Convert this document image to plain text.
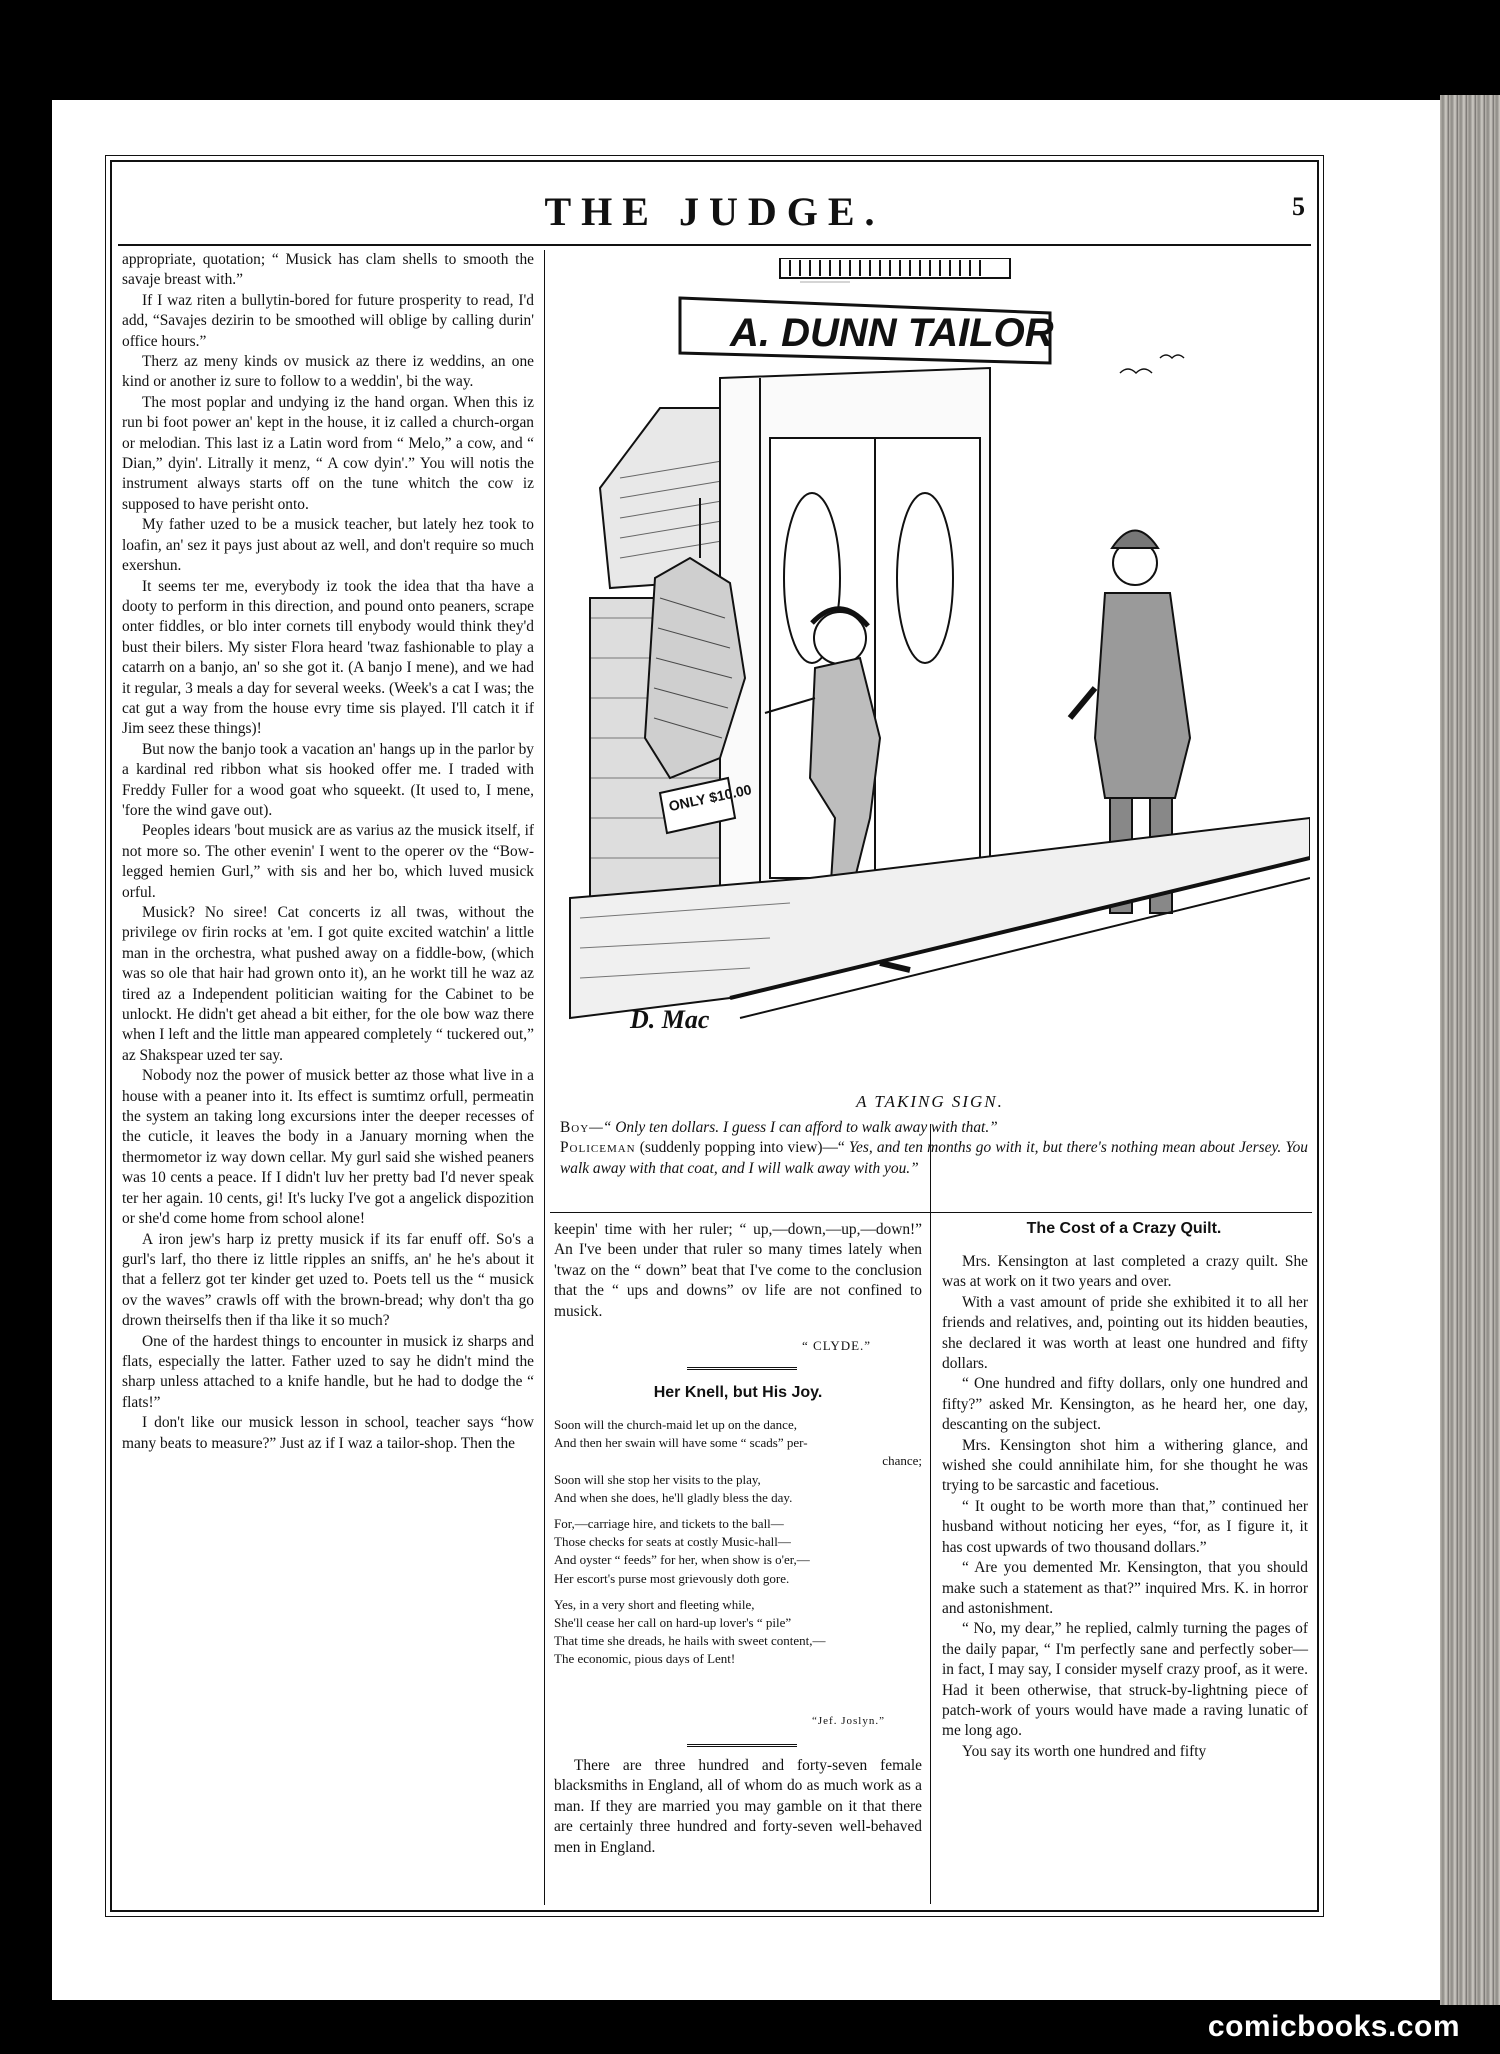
THE JUDGE.	5

appropriate, quotation; “ Musick has clam shells to smooth the savaje breast with.”

If I waz riten a bullytin-bored for future prosperity to read, I'd add, “Savajes dezirin to be smoothed will oblige by calling durin' office hours.”

Therz az meny kinds ov musick az there iz weddins, an one kind or another iz sure to follow to a weddin', bi the way.

The most poplar and undying iz the hand organ. When this iz run bi foot power an' kept in the house, it iz called a church-organ or melodian. This last iz a Latin word from “ Melo,” a cow, and “ Dian,” dyin'. Litrally it menz, “ A cow dyin'.” You will notis the instrument always starts off on the tune whitch the cow iz supposed to have perisht onto.

My father uzed to be a musick teacher, but lately hez took to loafin, an' sez it pays just about az well, and don't require so much exershun.

It seems ter me, everybody iz took the idea that tha have a dooty to perform in this direction, and pound onto peaners, scrape onter fiddles, or blo inter cornets till enybody would think they'd bust their bilers. My sister Flora heard 'twaz fashionable to play a catarrh on a banjo, an' so she got it. (A banjo I mene), and we had it regular, 3 meals a day for several weeks. (Week's a cat I was; the cat gut a way from the house evry time sis played. I'll catch it if Jim seez these things)!

But now the banjo took a vacation an' hangs up in the parlor by a kardinal red ribbon what sis hooked offer me. I traded with Freddy Fuller for a wood goat who squeekt. (It used to, I mene, 'fore the wind gave out).

Peoples idears 'bout musick are as varius az the musick itself, if not more so. The other evenin' I went to the operer ov the “Bow-legged hemien Gurl,” with sis and her bo, which luved musick orful.

Musick? No siree! Cat concerts iz all twas, without the privilege ov firin rocks at 'em. I got quite excited watchin' a little man in the orchestra, what pushed away on a fiddle-bow, (which was so ole that hair had grown onto it), an he workt till he waz az tired az a Independent politician waiting for the Cabinet to be unlockt. He didn't get ahead a bit either, for the ole bow waz there when I left and the little man appeared completely “ tuckered out,” az Shakspear uzed ter say.

Nobody noz the power of musick better az those what live in a house with a peaner into it. Its effect is sumtimz orfull, permeatin the system an taking long excursions inter the deeper recesses of the cuticle, it leaves the body in a January morning when the thermometor iz way down cellar. My gurl said she wished peaners was 10 cents a peace. If I didn't luv her pretty bad I'd never speak ter her again. 10 cents, gi! It's lucky I've got a angelick dispozition or she'd come home from school alone!

A iron jew's harp iz pretty musick if its far enuff off. So's a gurl's larf, tho there iz little ripples an sniffs, an' he he's about it that a fellerz got ter kinder get uzed to. Poets tell us the “ musick ov the waves” crawls off with the brown-bread; why don't tha go drown theirselfs then if tha like it so much?

One of the hardest things to encounter in musick iz sharps and flats, especially the latter. Father uzed to say he didn't mind the sharp unless attached to a knife handle, but he had to dodge the “ flats!”

I don't like our musick lesson in school, teacher says “how many beats to measure?” Just az if I waz a tailor-shop. Then the

A. DUNN TAILOR
ONLY $10.00
D. Mac
A TAKING SIGN.
Boy—“ Only ten dollars. I guess I can afford to walk away with that.”
Policeman (suddenly popping into view)—“ Yes, and ten months go with it, but there's nothing mean about Jersey. You walk away with that coat, and I will walk away with you.”

keepin' time with her ruler; “ up,—down,—up,—down!” An I've been under that ruler so many times lately when 'twaz on the “ down” beat that I've come to the conclusion that the “ ups and downs” ov life are not confined to musick.

“ CLYDE.”
Her Knell, but His Joy.
Soon will the church-maid let up on the dance,
And then her swain will have some “ scads” per-
chance;
Soon will she stop her visits to the play,
And when she does, he'll gladly bless the day.
For,—carriage hire, and tickets to the ball—
Those checks for seats at costly Music-hall—
And oyster “ feeds” for her, when show is o'er,—
Her escort's purse most grievously doth gore.
Yes, in a very short and fleeting while,
She'll cease her call on hard-up lover's “ pile”
That time she dreads, he hails with sweet content,—
The economic, pious days of Lent!
“Jef. Joslyn.”

There are three hundred and forty-seven female blacksmiths in England, all of whom do as much work as a man. If they are married you may gamble on it that there are certainly three hundred and forty-seven well-behaved men in England.

The Cost of a Crazy Quilt.

Mrs. Kensington at last completed a crazy quilt. She was at work on it two years and over.

With a vast amount of pride she exhibited it to all her friends and relatives, and, pointing out its hidden beauties, she declared it was worth at least one hundred and fifty dollars.

“ One hundred and fifty dollars, only one hundred and fifty?” asked Mr. Kensington, as he heard her, one day, descanting on the subject.

Mrs. Kensington shot him a withering glance, and wished she could annihilate him, for she thought he was trying to be sarcastic and facetious.

“ It ought to be worth more than that,” continued her husband without noticing her eyes, “for, as I figure it, it has cost upwards of two thousand dollars.”

“ Are you demented Mr. Kensington, that you should make such a statement as that?” inquired Mrs. K. in horror and astonishment.

“ No, my dear,” he replied, calmly turning the pages of the daily papar, “ I'm perfectly sane and perfectly sober—in fact, I may say, I consider myself crazy proof, as it were. Had it been otherwise, that struck-by-lightning piece of patch-work of yours would have made a raving lunatic of me long ago.

You say its worth one hundred and fifty

comicbooks.com
